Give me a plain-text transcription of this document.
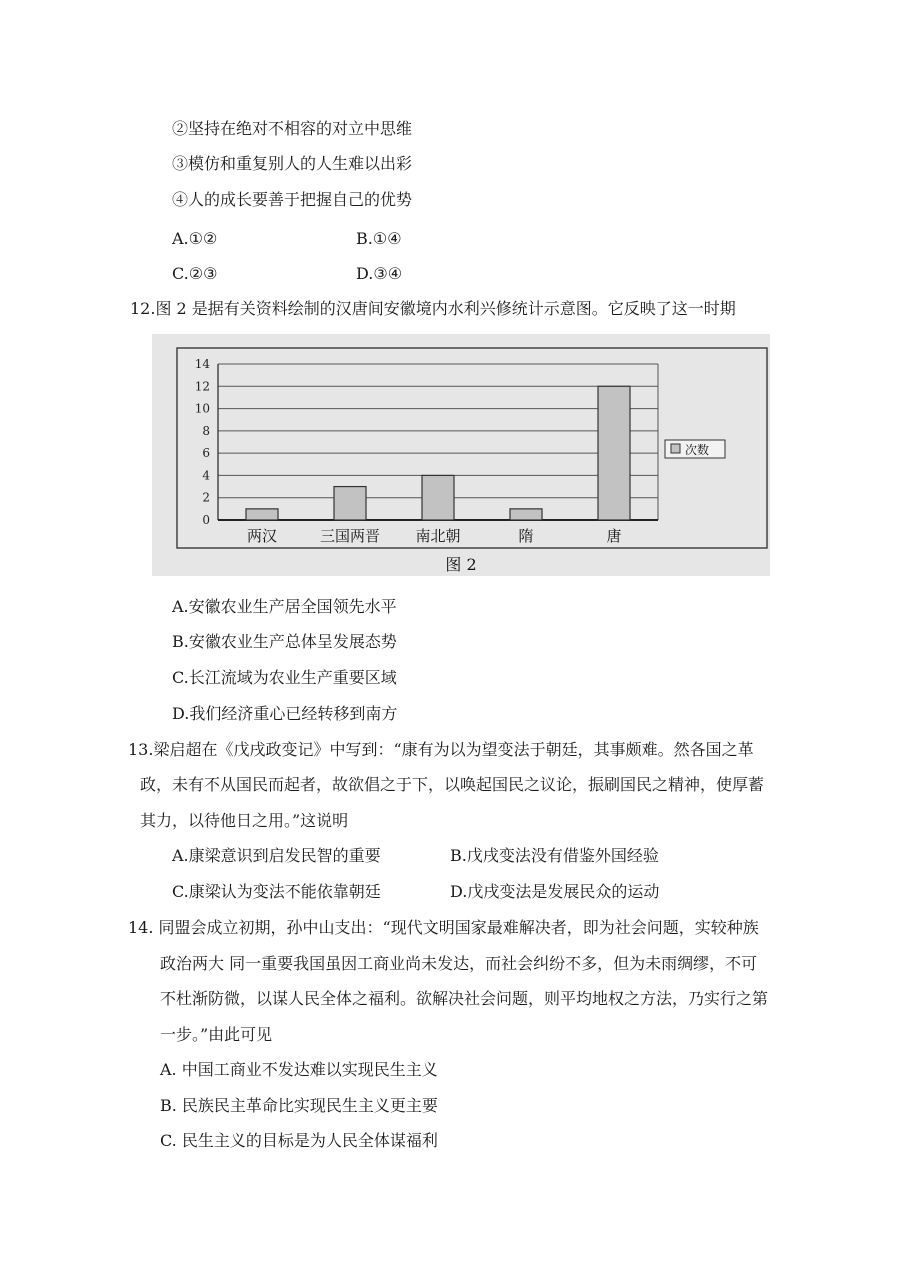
②坚持在绝对不相容的对立中思维
③模仿和重复别人的人生难以出彩
④人的成长要善于把握自己的优势
A.①②	B.①④
C.②③	D.③④
12.图 2 是据有关资料绘制的汉唐间安徽境内水利兴修统计示意图。它反映了这一时期
0
2
4
6
8
10
12
14
两汉	三国两晋 南北朝	隋	唐
次数
图 2
A.安徽农业生产居全国领先水平
B.安徽农业生产总体呈发展态势
C.长江流域为农业生产重要区域
D.我们经济重心已经转移到南方
13.梁启超在《戊戌政变记》中写到：“康有为以为望变法于朝廷，其事颇难。然各国之革
政，未有不从国民而起者，故欲倡之于下，以唤起国民之议论，振刷国民之精神，使厚蓄
其力，以待他日之用。”这说明
A.康梁意识到启发民智的重要	B.戊戌变法没有借鉴外国经验
C.康梁认为变法不能依靠朝廷	D.戊戌变法是发展民众的运动
14. 同盟会成立初期，孙中山支出：“现代文明国家最难解决者，即为社会问题，实较种族
政治两大 同一重要我国虽因工商业尚未发达，而社会纠纷不多，但为未雨绸缪，不可
不杜渐防微，以谋人民全体之福利。欲解决社会问题，则平均地权之方法，乃实行之第
一步。”由此可见
A. 中国工商业不发达难以实现民生主义
B. 民族民主革命比实现民生主义更主要
C. 民生主义的目标是为人民全体谋福利
